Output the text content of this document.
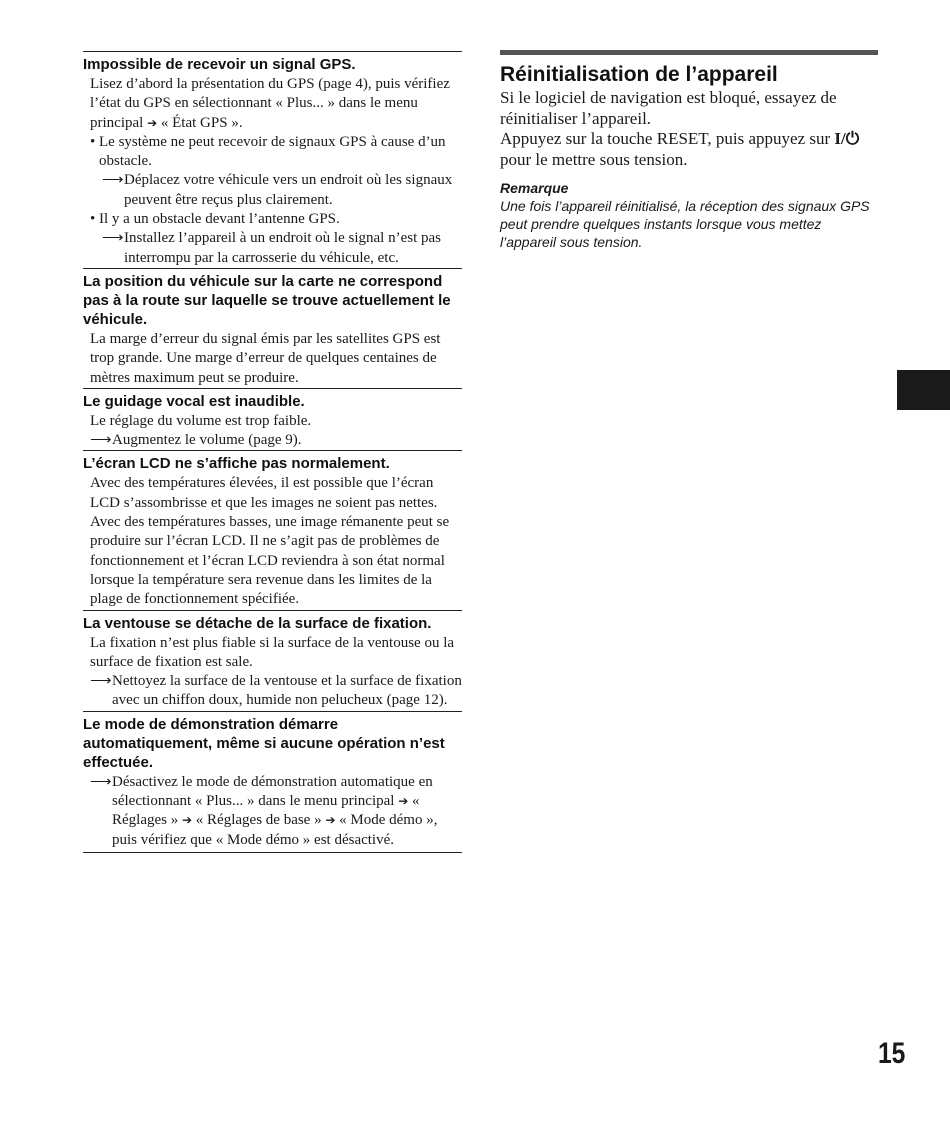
Impossible de recevoir un signal GPS.

Lisez d’abord la présentation du GPS (page 4), puis vérifiez l’état du GPS en sélectionnant « Plus... » dans le menu principal ➔ « État GPS ».

• Le système ne peut recevoir de signaux GPS à cause d’un obstacle.
⟶ Déplacez votre véhicule vers un endroit où les signaux peuvent être reçus plus clairement.
• Il y a un obstacle devant l’antenne GPS.
⟶ Installez l’appareil à un endroit où le signal n’est pas interrompu par la carrosserie du véhicule, etc.
La position du véhicule sur la carte ne correspond pas à la route sur laquelle se trouve actuellement le véhicule.

La marge d’erreur du signal émis par les satellites GPS est trop grande. Une marge d’erreur de quelques centaines de mètres maximum peut se produire.

Le guidage vocal est inaudible.

Le réglage du volume est trop faible.

⟶ Augmentez le volume (page 9).
L’écran LCD ne s’affiche pas normalement.

Avec des températures élevées, il est possible que l’écran LCD s’assombrisse et que les images ne soient pas nettes. Avec des températures basses, une image rémanente peut se produire sur l’écran LCD. Il ne s’agit pas de problèmes de fonctionnement et l’écran LCD reviendra à son état normal lorsque la température sera revenue dans les limites de la plage de fonctionnement spécifiée.

La ventouse se détache de la surface de fixation.

La fixation n’est plus fiable si la surface de la ventouse ou la surface de fixation est sale.

⟶ Nettoyez la surface de la ventouse et la surface de fixation avec un chiffon doux, humide non pelucheux (page 12).
Le mode de démonstration démarre automatiquement, même si aucune opération n’est effectuée.
⟶ Désactivez le mode de démonstration automatique en sélectionnant « Plus... » dans le menu principal ➔ « Réglages » ➔ « Réglages de base » ➔ « Mode démo », puis vérifiez que « Mode démo » est désactivé.
Réinitialisation de l’appareil

Si le logiciel de navigation est bloqué, essayez de réinitialiser l’appareil.

Appuyez sur la touche RESET, puis appuyez sur I/⏻ pour le mettre sous tension.

Remarque

Une fois l’appareil réinitialisé, la réception des signaux GPS peut prendre quelques instants lorsque vous mettez l’appareil sous tension.

15
